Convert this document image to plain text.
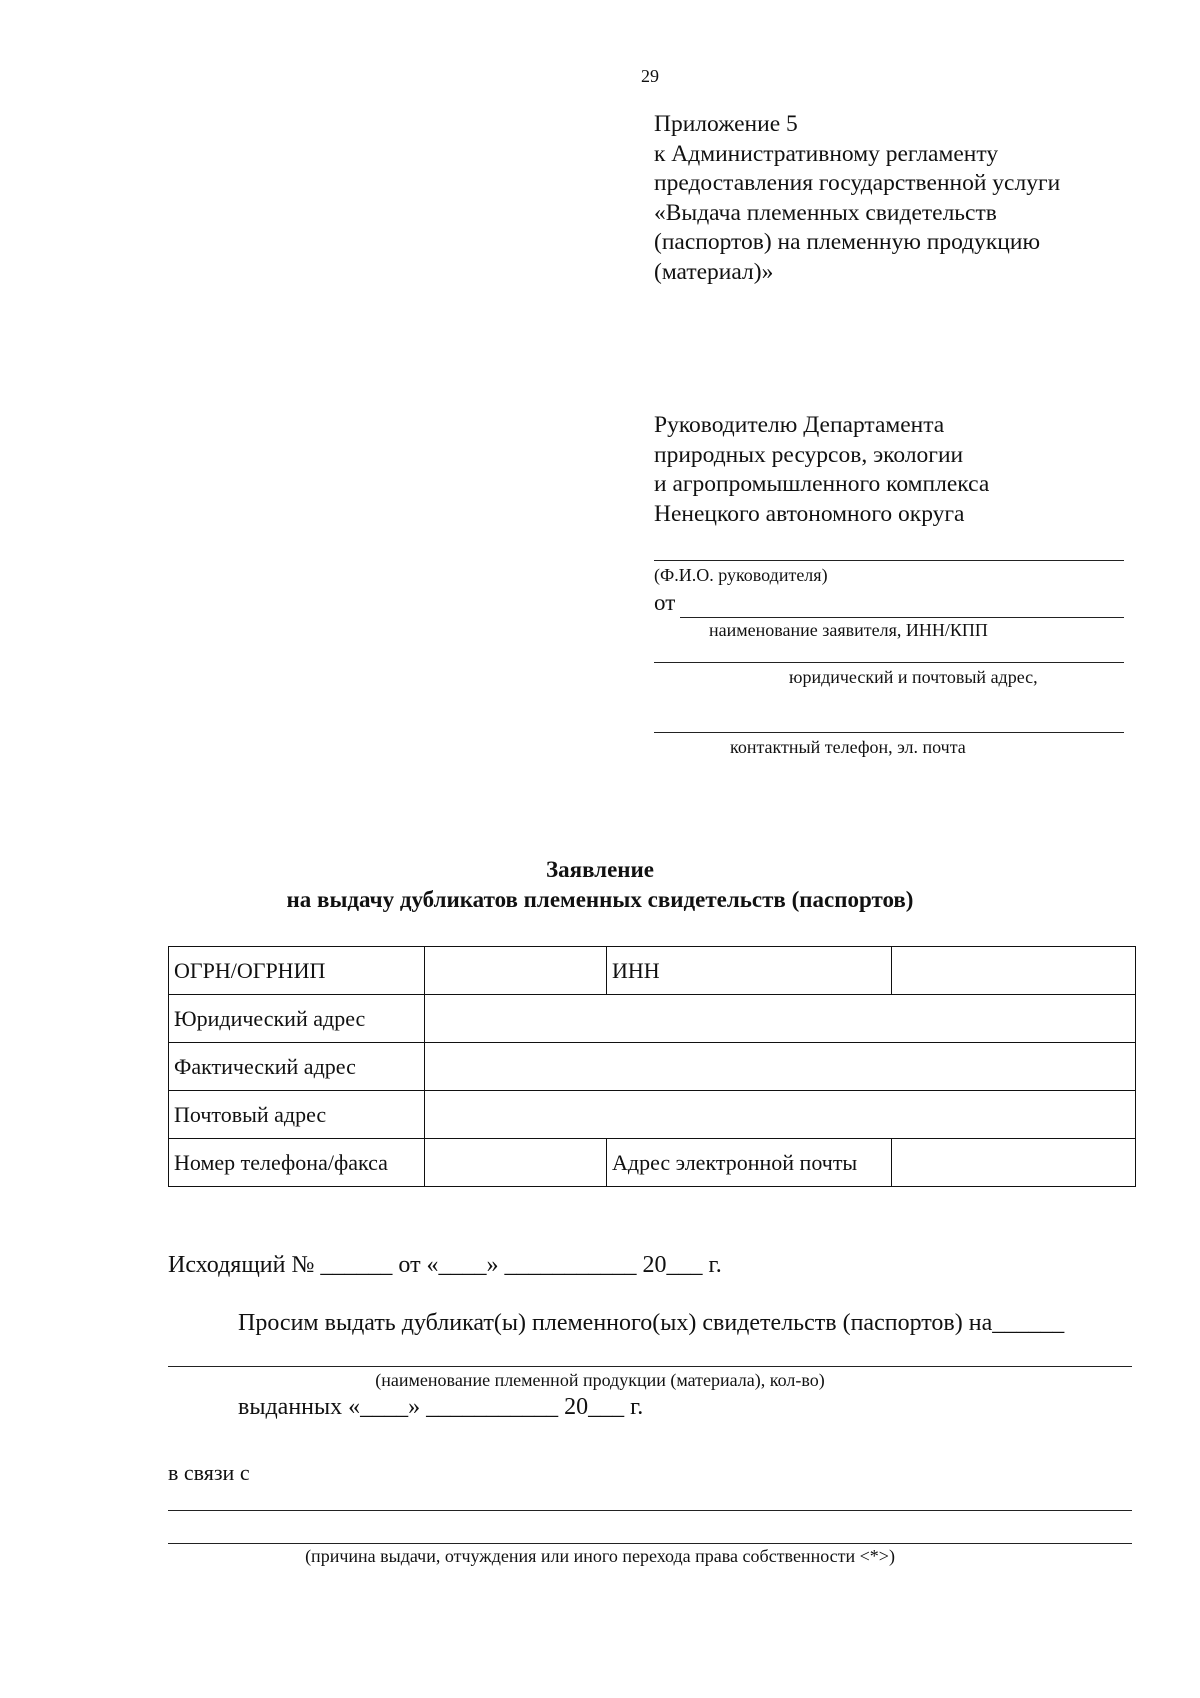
29
Приложение 5
к Административному регламенту
предоставления государственной услуги
«Выдача племенных свидетельств
(паспортов) на племенную продукцию
(материал)»
Руководителю Департамента
природных ресурсов, экологии
и агропромышленного комплекса
Ненецкого автономного округа
(Ф.И.О. руководителя)
от
наименование заявителя, ИНН/КПП
юридический и почтовый адрес,
контактный телефон, эл. почта
Заявление
на выдачу дубликатов племенных свидетельств (паспортов)
ОГРН/ОГРНИП		ИНН	
Юридический адрес			
Фактический адрес			
Почтовый адрес			
Номер телефона/факса		Адрес электронной почты	
Исходящий № ______ от «____» ___________ 20___ г.
Просим выдать дубликат(ы) племенного(ых) свидетельств (паспортов) на______
(наименование племенной продукции (материала), кол-во)
выданных «____» ___________ 20___ г.
в связи с
(причина выдачи, отчуждения или иного перехода права собственности <*>)
